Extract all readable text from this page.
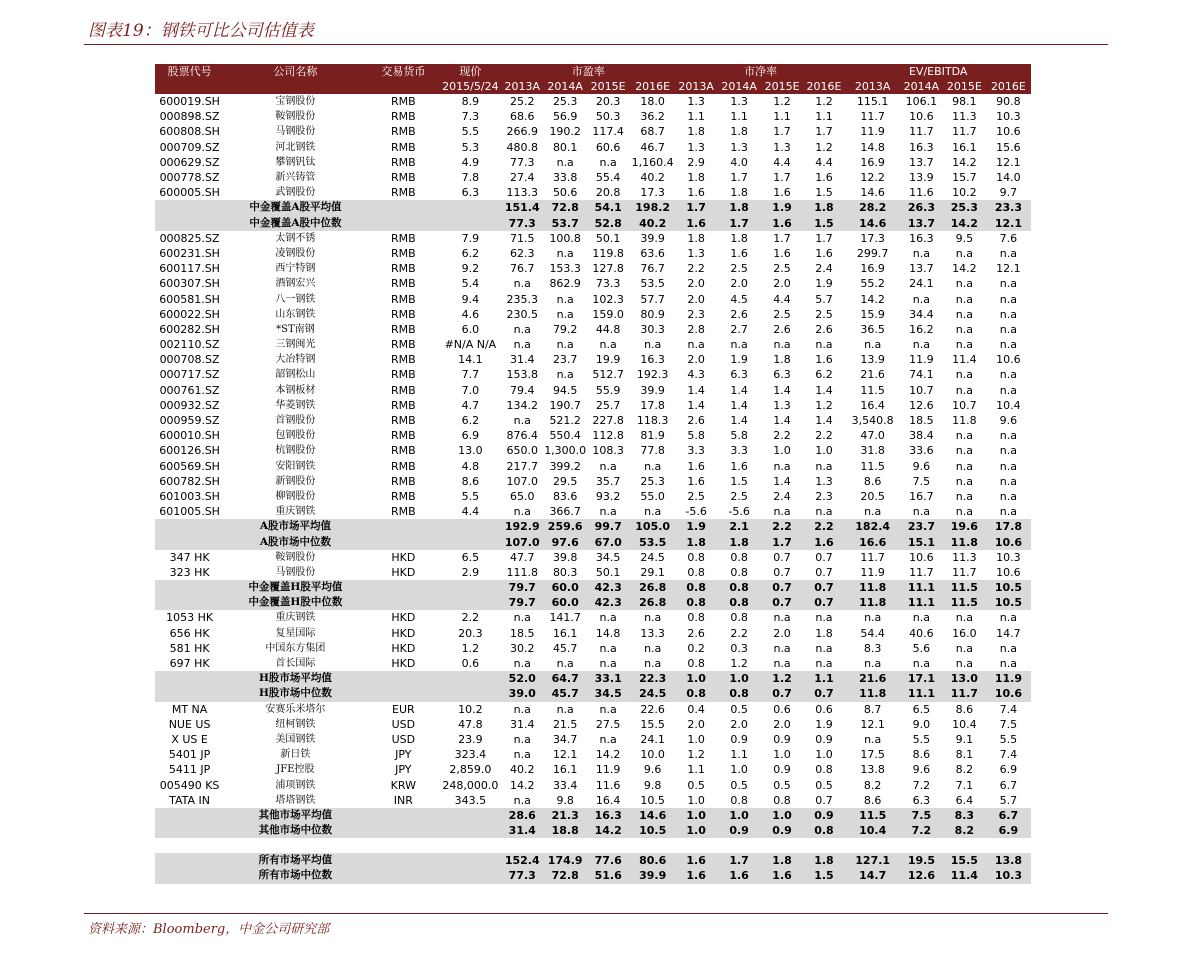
图表19：钢铁可比公司估值表
股票代号	公司名称	交易货币	现价	市盈率				市净率				EV/EBITDA			
			2015/5/24	2013A	2014A	2015E	2016E	2013A	2014A	2015E	2016E	2013A	2014A	2015E	2016E
600019.SH	宝钢股份	RMB	8.9	25.2	25.3	20.3	18.0	1.3	1.3	1.2	1.2	115.1	106.1	98.1	90.8
000898.SZ	鞍钢股份	RMB	7.3	68.6	56.9	50.3	36.2	1.1	1.1	1.1	1.1	11.7	10.6	11.3	10.3
600808.SH	马钢股份	RMB	5.5	266.9	190.2	117.4	68.7	1.8	1.8	1.7	1.7	11.9	11.7	11.7	10.6
000709.SZ	河北钢铁	RMB	5.3	480.8	80.1	60.6	46.7	1.3	1.3	1.3	1.2	14.8	16.3	16.1	15.6
000629.SZ	攀钢钒钛	RMB	4.9	77.3	n.a	n.a	1,160.4	2.9	4.0	4.4	4.4	16.9	13.7	14.2	12.1
000778.SZ	新兴铸管	RMB	7.8	27.4	33.8	55.4	40.2	1.8	1.7	1.7	1.6	12.2	13.9	15.7	14.0
600005.SH	武钢股份	RMB	6.3	113.3	50.6	20.8	17.3	1.6	1.8	1.6	1.5	14.6	11.6	10.2	9.7
	中金覆盖A股平均值			151.4	72.8	54.1	198.2	1.7	1.8	1.9	1.8	28.2	26.3	25.3	23.3
	中金覆盖A股中位数			77.3	53.7	52.8	40.2	1.6	1.7	1.6	1.5	14.6	13.7	14.2	12.1
000825.SZ	太钢不锈	RMB	7.9	71.5	100.8	50.1	39.9	1.8	1.8	1.7	1.7	17.3	16.3	9.5	7.6
600231.SH	凌钢股份	RMB	6.2	62.3	n.a	119.8	63.6	1.3	1.6	1.6	1.6	299.7	n.a	n.a	n.a
600117.SH	西宁特钢	RMB	9.2	76.7	153.3	127.8	76.7	2.2	2.5	2.5	2.4	16.9	13.7	14.2	12.1
600307.SH	酒钢宏兴	RMB	5.4	n.a	862.9	73.3	53.5	2.0	2.0	2.0	1.9	55.2	24.1	n.a	n.a
600581.SH	八一钢铁	RMB	9.4	235.3	n.a	102.3	57.7	2.0	4.5	4.4	5.7	14.2	n.a	n.a	n.a
600022.SH	山东钢铁	RMB	4.6	230.5	n.a	159.0	80.9	2.3	2.6	2.5	2.5	15.9	34.4	n.a	n.a
600282.SH	*ST南钢	RMB	6.0	n.a	79.2	44.8	30.3	2.8	2.7	2.6	2.6	36.5	16.2	n.a	n.a
002110.SZ	三钢闽光	RMB	#N/A N/A	n.a	n.a	n.a	n.a	n.a	n.a	n.a	n.a	n.a	n.a	n.a	n.a
000708.SZ	大冶特钢	RMB	14.1	31.4	23.7	19.9	16.3	2.0	1.9	1.8	1.6	13.9	11.9	11.4	10.6
000717.SZ	韶钢松山	RMB	7.7	153.8	n.a	512.7	192.3	4.3	6.3	6.3	6.2	21.6	74.1	n.a	n.a
000761.SZ	本钢板材	RMB	7.0	79.4	94.5	55.9	39.9	1.4	1.4	1.4	1.4	11.5	10.7	n.a	n.a
000932.SZ	华菱钢铁	RMB	4.7	134.2	190.7	25.7	17.8	1.4	1.4	1.3	1.2	16.4	12.6	10.7	10.4
000959.SZ	首钢股份	RMB	6.2	n.a	521.2	227.8	118.3	2.6	1.4	1.4	1.4	3,540.8	18.5	11.8	9.6
600010.SH	包钢股份	RMB	6.9	876.4	550.4	112.8	81.9	5.8	5.8	2.2	2.2	47.0	38.4	n.a	n.a
600126.SH	杭钢股份	RMB	13.0	650.0	1,300.0	108.3	77.8	3.3	3.3	1.0	1.0	31.8	33.6	n.a	n.a
600569.SH	安阳钢铁	RMB	4.8	217.7	399.2	n.a	n.a	1.6	1.6	n.a	n.a	11.5	9.6	n.a	n.a
600782.SH	新钢股份	RMB	8.6	107.0	29.5	35.7	25.3	1.6	1.5	1.4	1.3	8.6	7.5	n.a	n.a
601003.SH	柳钢股份	RMB	5.5	65.0	83.6	93.2	55.0	2.5	2.5	2.4	2.3	20.5	16.7	n.a	n.a
601005.SH	重庆钢铁	RMB	4.4	n.a	366.7	n.a	n.a	-5.6	-5.6	n.a	n.a	n.a	n.a	n.a	n.a
	A股市场平均值			192.9	259.6	99.7	105.0	1.9	2.1	2.2	2.2	182.4	23.7	19.6	17.8
	A股市场中位数			107.0	97.6	67.0	53.5	1.8	1.8	1.7	1.6	16.6	15.1	11.8	10.6
347 HK	鞍钢股份	HKD	6.5	47.7	39.8	34.5	24.5	0.8	0.8	0.7	0.7	11.7	10.6	11.3	10.3
323 HK	马钢股份	HKD	2.9	111.8	80.3	50.1	29.1	0.8	0.8	0.7	0.7	11.9	11.7	11.7	10.6
	中金覆盖H股平均值			79.7	60.0	42.3	26.8	0.8	0.8	0.7	0.7	11.8	11.1	11.5	10.5
	中金覆盖H股中位数			79.7	60.0	42.3	26.8	0.8	0.8	0.7	0.7	11.8	11.1	11.5	10.5
1053 HK	重庆钢铁	HKD	2.2	n.a	141.7	n.a	n.a	0.8	0.8	n.a	n.a	n.a	n.a	n.a	n.a
656 HK	复星国际	HKD	20.3	18.5	16.1	14.8	13.3	2.6	2.2	2.0	1.8	54.4	40.6	16.0	14.7
581 HK	中国东方集团	HKD	1.2	30.2	45.7	n.a	n.a	0.2	0.3	n.a	n.a	8.3	5.6	n.a	n.a
697 HK	首长国际	HKD	0.6	n.a	n.a	n.a	n.a	0.8	1.2	n.a	n.a	n.a	n.a	n.a	n.a
	H股市场平均值			52.0	64.7	33.1	22.3	1.0	1.0	1.2	1.1	21.6	17.1	13.0	11.9
	H股市场中位数			39.0	45.7	34.5	24.5	0.8	0.8	0.7	0.7	11.8	11.1	11.7	10.6
MT NA	安赛乐米塔尔	EUR	10.2	n.a	n.a	n.a	22.6	0.4	0.5	0.6	0.6	8.7	6.5	8.6	7.4
NUE US	纽柯钢铁	USD	47.8	31.4	21.5	27.5	15.5	2.0	2.0	2.0	1.9	12.1	9.0	10.4	7.5
X US E	美国钢铁	USD	23.9	n.a	34.7	n.a	24.1	1.0	0.9	0.9	0.9	n.a	5.5	9.1	5.5
5401 JP	新日铁	JPY	323.4	n.a	12.1	14.2	10.0	1.2	1.1	1.0	1.0	17.5	8.6	8.1	7.4
5411 JP	JFE控股	JPY	2,859.0	40.2	16.1	11.9	9.6	1.1	1.0	0.9	0.8	13.8	9.6	8.2	6.9
005490 KS	浦项钢铁	KRW	248,000.0	14.2	33.4	11.6	9.8	0.5	0.5	0.5	0.5	8.2	7.2	7.1	6.7
TATA IN	塔塔钢铁	INR	343.5	n.a	9.8	16.4	10.5	1.0	0.8	0.8	0.7	8.6	6.3	6.4	5.7
	其他市场平均值			28.6	21.3	16.3	14.6	1.0	1.0	1.0	0.9	11.5	7.5	8.3	6.7
	其他市场中位数			31.4	18.8	14.2	10.5	1.0	0.9	0.9	0.8	10.4	7.2	8.2	6.9

	所有市场平均值			152.4	174.9	77.6	80.6	1.6	1.7	1.8	1.8	127.1	19.5	15.5	13.8
	所有市场中位数			77.3	72.8	51.6	39.9	1.6	1.6	1.6	1.5	14.7	12.6	11.4	10.3
资料来源：Bloomberg，中金公司研究部
